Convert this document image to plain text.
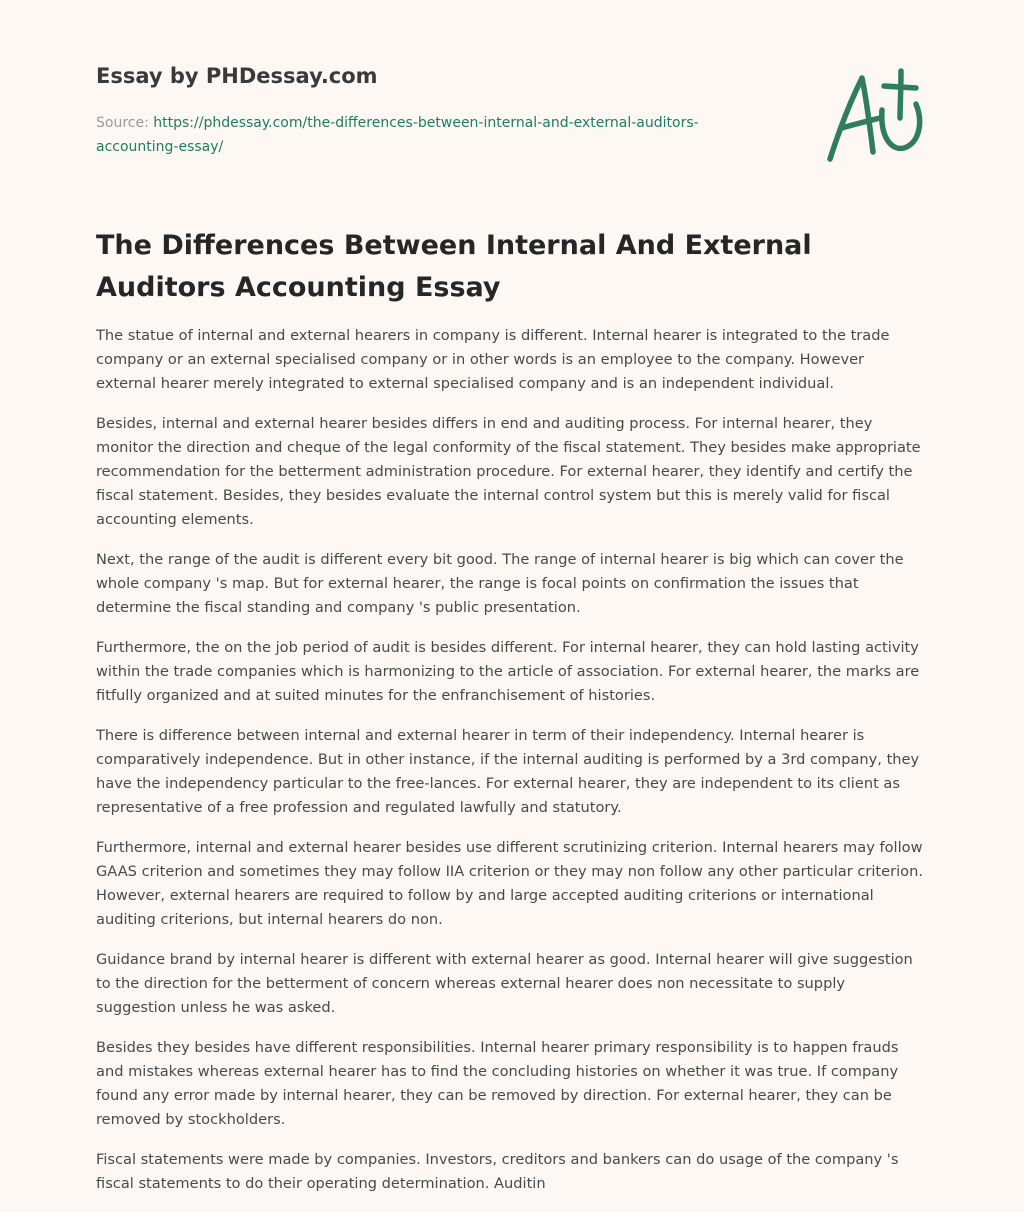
Essay by PHDessay.com

Source: https://phdessay.com/the-differences-between-internal-and-external-auditors-accounting-essay/

The Differences Between Internal And External Auditors Accounting Essay

The statue of internal and external hearers in company is different. Internal hearer is integrated to the trade company or an external specialised company or in other words is an employee to the company. However external hearer merely integrated to external specialised company and is an independent individual.

Besides, internal and external hearer besides differs in end and auditing process. For internal hearer, they monitor the direction and cheque of the legal conformity of the fiscal statement. They besides make appropriate recommendation for the betterment administration procedure. For external hearer, they identify and certify the fiscal statement. Besides, they besides evaluate the internal control system but this is merely valid for fiscal accounting elements.

Next, the range of the audit is different every bit good. The range of internal hearer is big which can cover the whole company 's map. But for external hearer, the range is focal points on confirmation the issues that determine the fiscal standing and company 's public presentation.

Furthermore, the on the job period of audit is besides different. For internal hearer, they can hold lasting activity within the trade companies which is harmonizing to the article of association. For external hearer, the marks are fitfully organized and at suited minutes for the enfranchisement of histories.

There is difference between internal and external hearer in term of their independency. Internal hearer is comparatively independence. But in other instance, if the internal auditing is performed by a 3rd company, they have the independency particular to the free-lances. For external hearer, they are independent to its client as representative of a free profession and regulated lawfully and statutory.

Furthermore, internal and external hearer besides use different scrutinizing criterion. Internal hearers may follow GAAS criterion and sometimes they may follow IIA criterion or they may non follow any other particular criterion. However, external hearers are required to follow by and large accepted auditing criterions or international auditing criterions, but internal hearers do non.

Guidance brand by internal hearer is different with external hearer as good. Internal hearer will give suggestion to the direction for the betterment of concern whereas external hearer does non necessitate to supply suggestion unless he was asked.

Besides they besides have different responsibilities. Internal hearer primary responsibility is to happen frauds and mistakes whereas external hearer has to find the concluding histories on whether it was true. If company found any error made by internal hearer, they can be removed by direction. For external hearer, they can be removed by stockholders.

Fiscal statements were made by companies. Investors, creditors and bankers can do usage of the company 's fiscal statements to do their operating determination. Auditin
